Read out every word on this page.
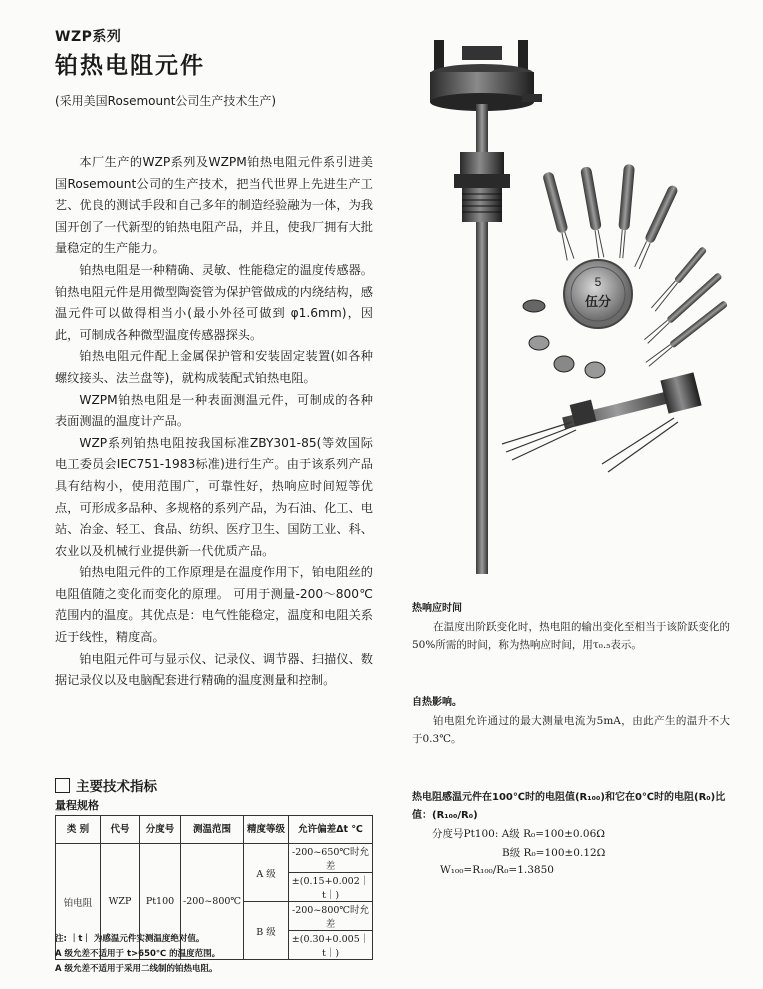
WZP系列
铂热电阻元件
(采用美国Rosemount公司生产技术生产)

本厂生产的WZP系列及WZPM铂热电阻元件系引进美国Rosemount公司的生产技术，把当代世界上先进生产工艺、优良的测试手段和自己多年的制造经验融为一体，为我国开创了一代新型的铂热电阻产品，并且，使我厂拥有大批量稳定的生产能力。

铂热电阻是一种精确、灵敏、性能稳定的温度传感器。铂热电阻元件是用微型陶瓷管为保护管做成的内绕结构，感温元件可以做得相当小(最小外径可做到 φ1.6mm)，因此，可制成各种微型温度传感器探头。

铂热电阻元件配上金属保护管和安装固定装置(如各种螺纹接头、法兰盘等)，就构成装配式铂热电阻。

WZPM铂热电阻是一种表面测温元件，可制成的各种表面测温的温度计产品。

WZP系列铂热电阻按我国标准ZBY301-85(等效国际电工委员会IEC751-1983标准)进行生产。由于该系列产品具有结构小，使用范围广，可靠性好，热响应时间短等优点，可形成多品种、多规格的系列产品，为石油、化工、电站、冶金、轻工、食品、纺织、医疗卫生、国防工业、科、农业以及机械行业提供新一代优质产品。

铂热电阻元件的工作原理是在温度作用下，铂电阻丝的电阻值随之变化而变化的原理。 可用于测量-200～800℃范围内的温度。其优点是：电气性能稳定，温度和电阻关系近于线性，精度高。

铂电阻元件可与显示仪、记录仪、调节器、扫描仪、数据记录仪以及电脑配套进行精确的温度测量和控制。

5
伍分
热响应时间
在温度出阶跃变化时，热电阻的输出变化至相当于该阶跃变化的50%所需的时间，称为热响应时间，用τ₀.₅表示。
自热影响。
铂电阻允许通过的最大测量电流为5mA，由此产生的温升不大于0.3℃。
热电阻感温元件在100℃时的电阻值(R₁₀₀)和它在0℃时的电阻(R₀)比值：(R₁₀₀/R₀)
分度号Pt100: A级 R₀=100±0.06Ω
B级 R₀=100±0.12Ω
W₁₀₀=R₁₀₀/R₀=1.3850
主要技术指标
量程规格
类 别	代号	分度号	测温范围	精度等级	允许偏差Δt ℃
铂电阻	WZP	Pt100	-200~800℃	A 级	-200~650℃时允差
					±(0.15+0.002｜t｜)
				B 级	-200~800℃时允差
					±(0.30+0.005｜t｜)
注: ｜t｜ 为感温元件实测温度绝对值。
A 级允差不适用于 t>650℃ 的温度范围。
A 级允差不适用于采用二线制的铂热电阻。
